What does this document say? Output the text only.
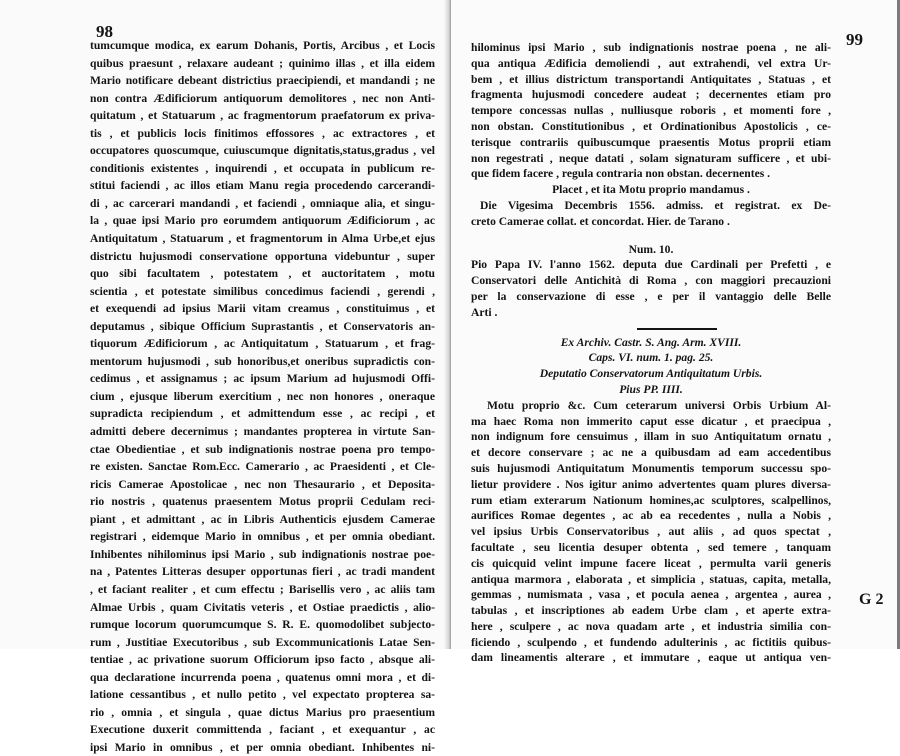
98
tumcumque modica, ex earum Dohanis, Portis, Arcibus , et Locis
quibus praesunt , relaxare audeant ; quinimo illas , et illa eidem
Mario notificare debeant districtius praecipiendi, et mandandi ; ne
non contra Ædificiorum antiquorum demolitores , nec non Anti-
quitatum , et Statuarum , ac fragmentorum praefatorum ex priva-
tis , et publicis locis finitimos effossores , ac extractores , et
occupatores quoscumque, cuiuscumque dignitatis,status,gradus , vel
conditionis existentes , inquirendi , et occupata in publicum re-
stitui faciendi , ac illos etiam Manu regia procedendo carcerandi-
di , ac carcerari mandandi , et faciendi , omniaque alia, et singu-
la , quae ipsi Mario pro eorumdem antiquorum Ædificiorum , ac
Antiquitatum , Statuarum , et fragmentorum in Alma Urbe,et ejus
districtu hujusmodi conservatione opportuna videbuntur , super
quo sibi facultatem , potestatem , et auctoritatem , motu
scientia , et potestate similibus concedimus faciendi , gerendi ,
et exequendi ad ipsius Marii vitam creamus , constituimus , et
deputamus , sibique Officium Suprastantis , et Conservatoris an-
tiquorum Ædificiorum , ac Antiquitatum , Statuarum , et frag-
mentorum hujusmodi , sub honoribus,et oneribus supradictis con-
cedimus , et assignamus ; ac ipsum Marium ad hujusmodi Offi-
cium , ejusque liberum exercitium , nec non honores , oneraque
supradicta recipiendum , et admittendum esse , ac recipi , et
admitti debere decernimus ; mandantes propterea in virtute San-
ctae Obedientiae , et sub indignationis nostrae poena pro tempo-
re existen. Sanctae Rom.Ecc. Camerario , ac Praesidenti , et Cle-
ricis Camerae Apostolicae , nec non Thesaurario , et Deposita-
rio nostris , quatenus praesentem Motus proprii Cedulam reci-
piant , et admittant , ac in Libris Authenticis ejusdem Camerae
registrari , eidemque Mario in omnibus , et per omnia obediant.
Inhibentes nihilominus ipsi Mario , sub indignationis nostrae poe-
na , Patentes Litteras desuper opportunas fieri , ac tradi mandent
, et faciant realiter , et cum effectu ; Barisellis vero , ac aliis tam
Almae Urbis , quam Civitatis veteris , et Ostiae praedictis , alio-
rumque locorum quorumcumque S. R. E. quomodolibet subjecto-
rum , Justitiae Executoribus , sub Excommunicationis Latae Sen-
tentiae , ac privatione suorum Officiorum ipso facto , absque ali-
qua declaratione incurrenda poena , quatenus omni mora , et di-
latione cessantibus , et nullo petito , vel expectato propterea sa-
rio , omnia , et singula , quae dictus Marius pro praesentium
Executione duxerit committenda , faciant , et exequantur , ac
ipsi Mario in omnibus , et per omnia obediant. Inhibentes ni-
99
hilominus ipsi Mario , sub indignationis nostrae poena , ne ali-
qua antiqua Ædificia demoliendi , aut extrahendi, vel extra Ur-
bem , et illius districtum transportandi Antiquitates , Statuas , et
fragmenta hujusmodi concedere audeat ; decernentes etiam pro
tempore concessas nullas , nulliusque roboris , et momenti fore ,
non obstan. Constitutionibus , et Ordinationibus Apostolicis , ce-
terisque contrariis quibuscumque praesentis Motus proprii etiam
non regestrati , neque datati , solam signaturam sufficere , et ubi-
que fidem facere , regula contraria non obstan. decernentes .
Placet , et ita Motu proprio mandamus .
Die Vigesima Decembris 1556. admiss. et registrat. ex De-
creto Camerae collat. et concordat. Hier. de Tarano .
Num. 10.
Pio Papa IV. l'anno 1562. deputa due Cardinali per Prefetti , e
Conservatori delle Antichità di Roma , con maggiori precauzioni
per la conservazione di esse , e per il vantaggio delle Belle
Arti .
Ex Archiv. Castr. S. Ang. Arm. XVIII.
Caps. VI. num. 1. pag. 25.
Deputatio Conservatorum Antiquitatum Urbis.
Pius PP. IIII.
Motu proprio &c. Cum ceterarum universi Orbis Urbium Al-
ma haec Roma non immerito caput esse dicatur , et praecipua ,
non indignum fore censuimus , illam in suo Antiquitatum ornatu ,
et decore conservare ; ac ne a quibusdam ad eam accedentibus
suis hujusmodi Antiquitatum Monumentis temporum successu spo-
lietur providere . Nos igitur animo advertentes quam plures diversa-
rum etiam exterarum Nationum homines,ac sculptores, scalpellinos,
aurifices Romae degentes , ac ab ea recedentes , nulla a Nobis ,
vel ipsius Urbis Conservatoribus , aut aliis , ad quos spectat ,
facultate , seu licentia desuper obtenta , sed temere , tanquam
cis quicquid velint impune facere liceat , permulta varii generis
antiqua marmora , elaborata , et simplicia , statuas, capita, metalla,
gemmas , numismata , vasa , et pocula aenea , argentea , aurea ,
tabulas , et inscriptiones ab eadem Urbe clam , et aperte extra-
here , sculpere , ac nova quadam arte , et industria similia con-
ficiendo , sculpendo , et fundendo adulterinis , ac fictitiis quibus-
dam lineamentis alterare , et immutare , eaque ut antiqua ven-
G 2
